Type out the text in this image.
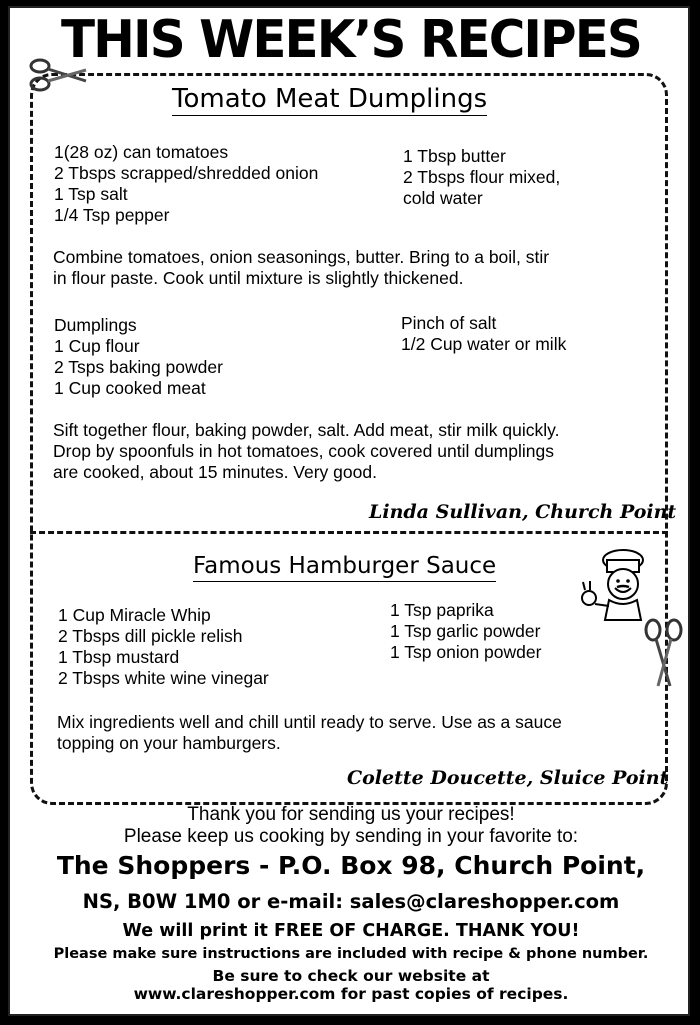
THIS WEEK’S RECIPES
Tomato Meat Dumplings
1(28 oz) can tomatoes
2 Tbsps scrapped/shredded onion
1 Tsp salt
1/4 Tsp pepper
1 Tbsp butter
2 Tbsps flour mixed,
cold water
Combine tomatoes, onion seasonings, butter. Bring to a boil, stir
in flour paste. Cook until mixture is slightly thickened.
Dumplings
1 Cup flour
2 Tsps baking powder
1 Cup cooked meat
Pinch of salt
1/2 Cup water or milk
Sift together flour, baking powder, salt. Add meat, stir milk quickly.
Drop by spoonfuls in hot tomatoes, cook covered until dumplings
are cooked, about 15 minutes. Very good.
Linda Sullivan, Church Point
Famous Hamburger Sauce
1 Cup Miracle Whip
2 Tbsps dill pickle relish
1 Tbsp mustard
2 Tbsps white wine vinegar
1 Tsp paprika
1 Tsp garlic powder
1 Tsp onion powder
Mix ingredients well and chill until ready to serve. Use as a sauce
topping on your hamburgers.
Colette Doucette, Sluice Point
Thank you for sending us your recipes!
Please keep us cooking by sending in your favorite to:
The Shoppers - P.O. Box 98, Church Point,
NS, B0W 1M0 or e-mail: sales@clareshopper.com
We will print it FREE OF CHARGE. THANK YOU!
Please make sure instructions are included with recipe & phone number.
Be sure to check our website at
www.clareshopper.com for past copies of recipes.
